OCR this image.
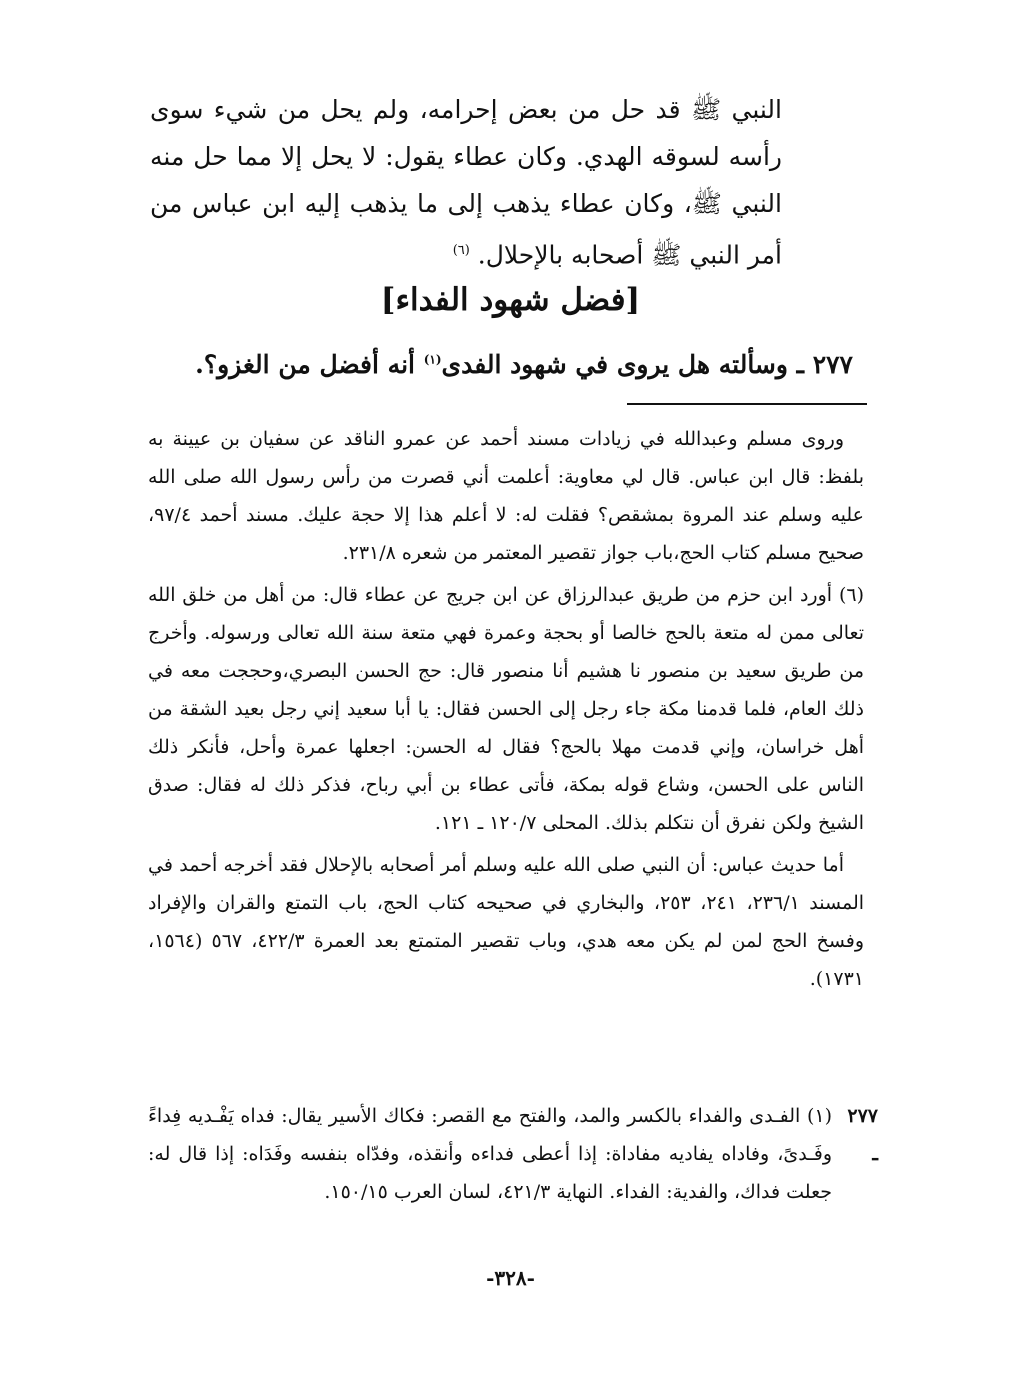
النبي ﷺ قد حل من بعض إحرامه، ولم يحل من شيء سوى رأسه لسوقه الهدي. وكان عطاء يقول: لا يحل إلا مما حل منه النبي ﷺ، وكان عطاء يذهب إلى ما يذهب إليه ابن عباس من أمر النبي ﷺ أصحابه بالإحلال. $^{(٦)}$
[فضل شهود الفداء]
٢٧٧ ـ وسألته هل يروى في شهود الفدى$^{(١)}$ أنه أفضل من الغزو؟.

وروى مسلم وعبدالله في زيادات مسند أحمد عن عمرو الناقد عن سفيان بن عيينة به بلفظ: قال ابن عباس. قال لي معاوية: أعلمت أني قصرت من رأس رسول الله صلى الله عليه وسلم عند المروة بمشقص؟ فقلت له: لا أعلم هذا إلا حجة عليك. مسند أحمد ٩٧/٤، صحيح مسلم كتاب الحج،باب جواز تقصير المعتمر من شعره ٢٣١/٨.

(٦) أورد ابن حزم من طريق عبدالرزاق عن ابن جريج عن عطاء قال: من أهل من خلق الله تعالى ممن له متعة بالحج خالصا أو بحجة وعمرة فهي متعة سنة الله تعالى ورسوله. وأخرج من طريق سعيد بن منصور نا هشيم أنا منصور قال: حج الحسن البصري،وحججت معه في ذلك العام، فلما قدمنا مكة جاء رجل إلى الحسن فقال: يا أبا سعيد إني رجل بعيد الشقة من أهل خراسان، وإني قدمت مهلا بالحج؟ فقال له الحسن: اجعلها عمرة وأحل، فأنكر ذلك الناس على الحسن، وشاع قوله بمكة، فأتى عطاء بن أبي رباح، فذكر ذلك له فقال: صدق الشيخ ولكن نفرق أن نتكلم بذلك. المحلى ١٢٠/٧ ـ ١٢١.

أما حديث عباس: أن النبي صلى الله عليه وسلم أمر أصحابه بالإحلال فقد أخرجه أحمد في المسند ٢٣٦/١، ٢٤١، ٢٥٣، والبخاري في صحيحه كتاب الحج، باب التمتع والقران والإفراد وفسخ الحج لمن لم يكن معه هدي، وباب تقصير المتمتع بعد العمرة ٤٢٢/٣، ٥٦٧ (١٥٦٤، ١٧٣١).

٢٧٧ ـ
(١) الفـدى والفداء بالكسر والمد، والفتح مع القصر: فكاك الأسير يقال: فداه يَفْـديه فِداءً وفَـدىً، وفاداه يفاديه مفاداة: إذا أعطى فداءه وأنقذه، وفدّاه بنفسه وفَدَاه: إذا قال له: جعلت فداك، والفدية: الفداء. النهاية ٤٢١/٣، لسان العرب ١٥٠/١٥.
-٣٢٨-
